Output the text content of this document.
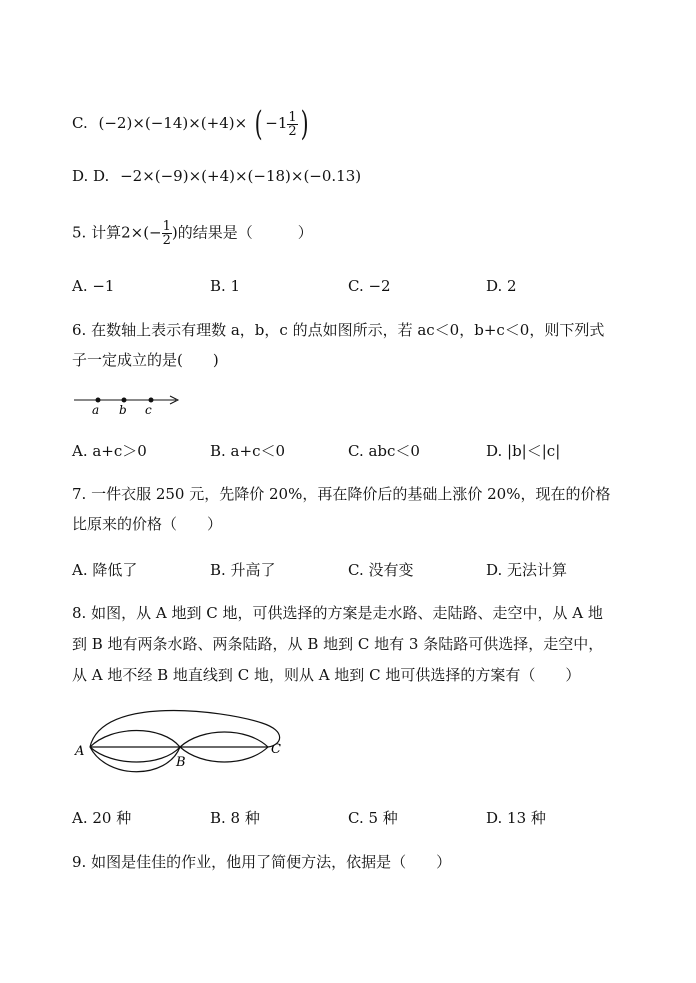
C. (−2)×(−14)×(+4)× ( $-1 \frac{1}{2}$ )
D. D. −2×(−9)×(+4)×(−18)×(−0.13)
5. 计算$2\times(- \frac{1}{2}$ )的结果是（　　　）
A. −1	B. 1	C. −2	D. 2
6. 在数轴上表示有理数 a，b，c 的点如图所示，若 ac＜0，b+c＜0，则下列式
子一定成立的是(　　)
a b c
A. a+c＞0	B. a+c＜0	C. abc＜0	D. |b|＜|c|
7. 一件衣服 250 元，先降价 20%，再在降价后的基础上涨价 20%，现在的价格
比原来的价格（　　）
A. 降低了	B. 升高了	C. 没有变	D. 无法计算
8. 如图，从 A 地到 C 地，可供选择的方案是走水路、走陆路、走空中，从 A 地
到 B 地有两条水路、两条陆路，从 B 地到 C 地有 3 条陆路可供选择，走空中，
从 A 地不经 B 地直线到 C 地，则从 A 地到 C 地可供选择的方案有（　　）
A
B
C
A. 20 种	B. 8 种	C. 5 种	D. 13 种
9. 如图是佳佳的作业，他用了简便方法，依据是（　　）
